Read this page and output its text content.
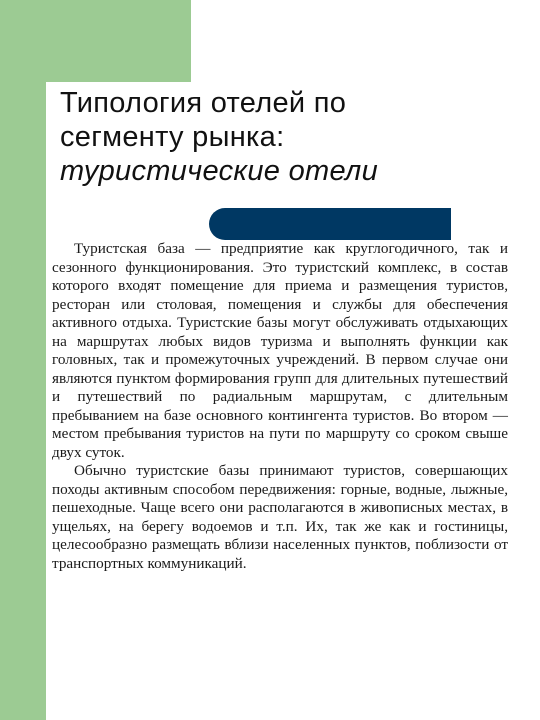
Типология отелей по
сегменту рынка:
туристические отели

Туристская база — предприятие как круглогодичного, так и сезонного функционирования. Это туристский комплекс, в состав которого входят помещение для приема и размещения туристов, ресторан или столовая, помещения и службы для обеспечения активного отдыха. Туристские базы могут обслуживать отдыхающих на маршрутах любых видов туризма и выполнять функции как головных, так и промежуточных учреждений. В первом случае они являются пунктом формирования групп для длительных путешествий и путешествий по радиальным маршрутам, с длительным пребыванием на базе основного контингента туристов. Во втором — местом пребывания туристов на пути по маршруту со сроком свыше двух суток.

Обычно туристские базы принимают туристов, совершающих походы активным способом передвижения: горные, водные, лыжные, пешеходные. Чаще всего они располагаются в живописных местах, в ущельях, на берегу водоемов и т.п. Их, так же как и гостиницы, целесообразно размещать вблизи населенных пунктов, поблизости от транспортных коммуникаций.
